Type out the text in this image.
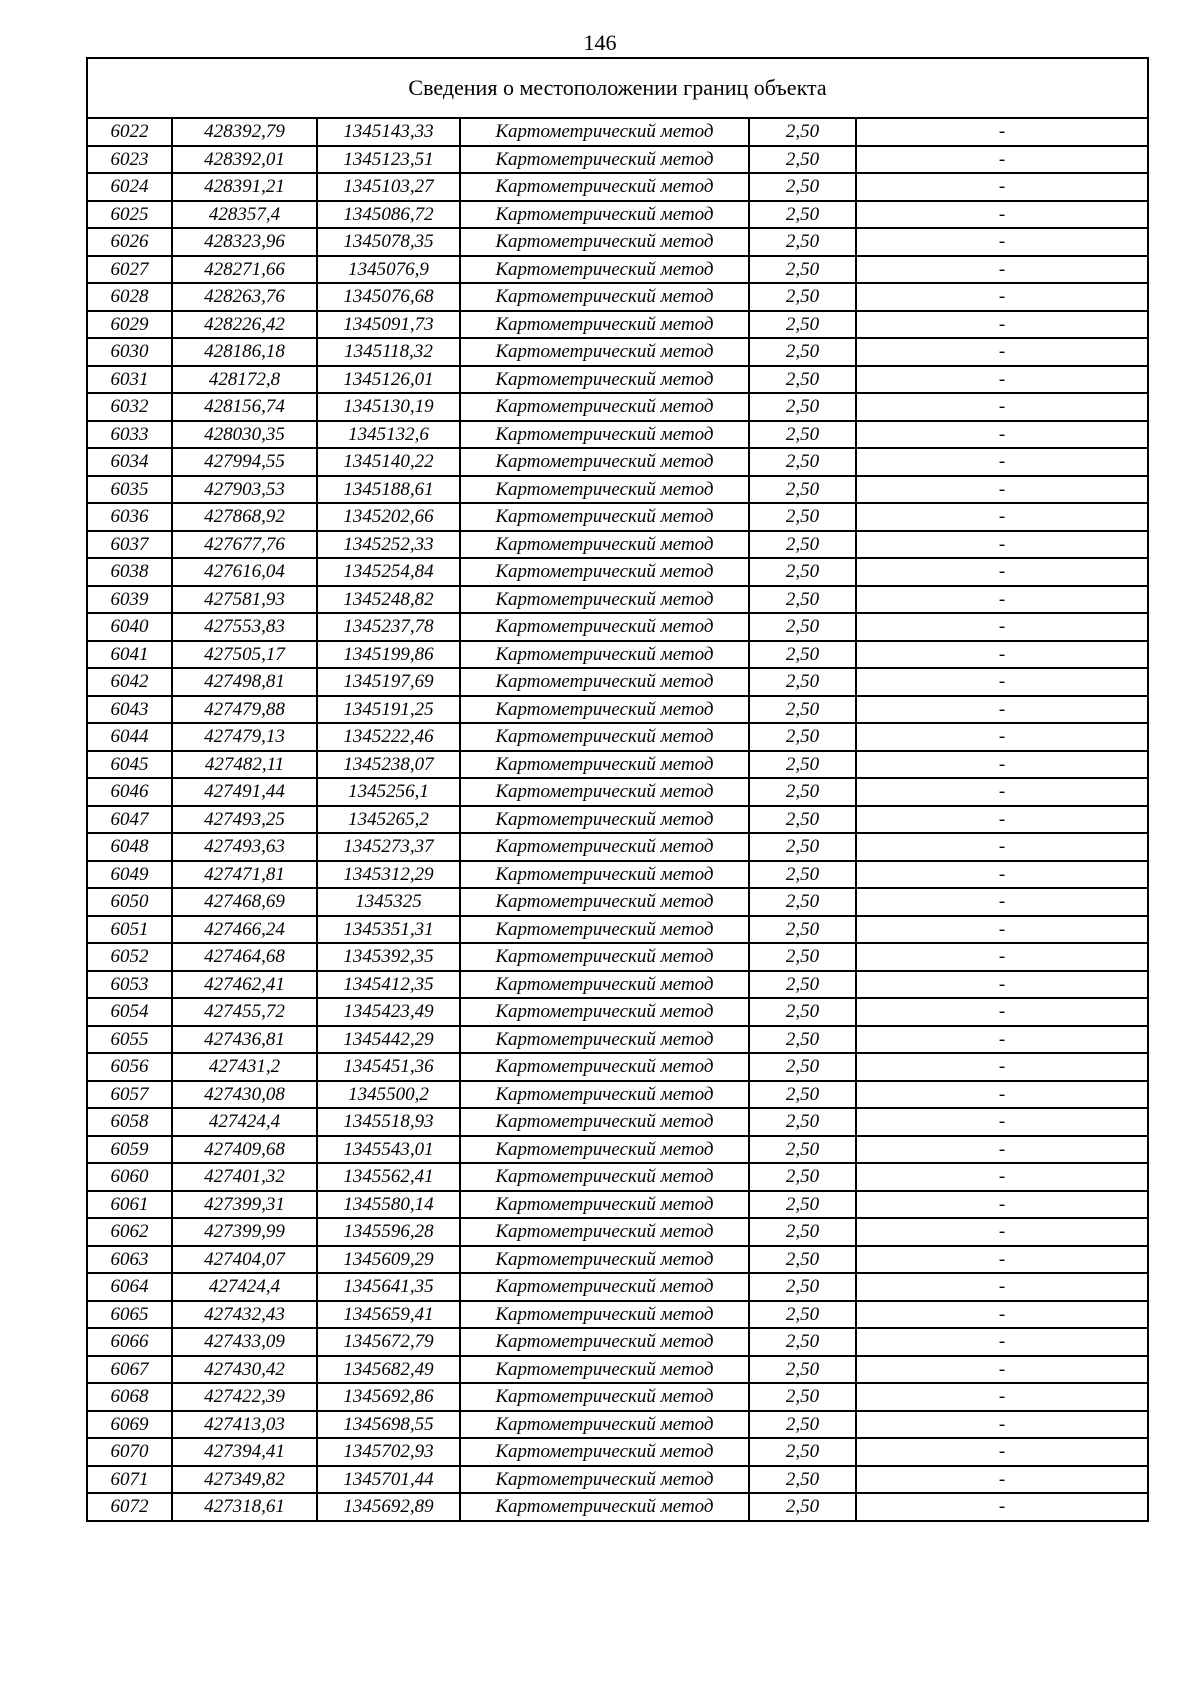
146
Сведения о местоположении границ объекта					
6022	428392,79	1345143,33	Картометрический метод	2,50	-
6023	428392,01	1345123,51	Картометрический метод	2,50	-
6024	428391,21	1345103,27	Картометрический метод	2,50	-
6025	428357,4	1345086,72	Картометрический метод	2,50	-
6026	428323,96	1345078,35	Картометрический метод	2,50	-
6027	428271,66	1345076,9	Картометрический метод	2,50	-
6028	428263,76	1345076,68	Картометрический метод	2,50	-
6029	428226,42	1345091,73	Картометрический метод	2,50	-
6030	428186,18	1345118,32	Картометрический метод	2,50	-
6031	428172,8	1345126,01	Картометрический метод	2,50	-
6032	428156,74	1345130,19	Картометрический метод	2,50	-
6033	428030,35	1345132,6	Картометрический метод	2,50	-
6034	427994,55	1345140,22	Картометрический метод	2,50	-
6035	427903,53	1345188,61	Картометрический метод	2,50	-
6036	427868,92	1345202,66	Картометрический метод	2,50	-
6037	427677,76	1345252,33	Картометрический метод	2,50	-
6038	427616,04	1345254,84	Картометрический метод	2,50	-
6039	427581,93	1345248,82	Картометрический метод	2,50	-
6040	427553,83	1345237,78	Картометрический метод	2,50	-
6041	427505,17	1345199,86	Картометрический метод	2,50	-
6042	427498,81	1345197,69	Картометрический метод	2,50	-
6043	427479,88	1345191,25	Картометрический метод	2,50	-
6044	427479,13	1345222,46	Картометрический метод	2,50	-
6045	427482,11	1345238,07	Картометрический метод	2,50	-
6046	427491,44	1345256,1	Картометрический метод	2,50	-
6047	427493,25	1345265,2	Картометрический метод	2,50	-
6048	427493,63	1345273,37	Картометрический метод	2,50	-
6049	427471,81	1345312,29	Картометрический метод	2,50	-
6050	427468,69	1345325	Картометрический метод	2,50	-
6051	427466,24	1345351,31	Картометрический метод	2,50	-
6052	427464,68	1345392,35	Картометрический метод	2,50	-
6053	427462,41	1345412,35	Картометрический метод	2,50	-
6054	427455,72	1345423,49	Картометрический метод	2,50	-
6055	427436,81	1345442,29	Картометрический метод	2,50	-
6056	427431,2	1345451,36	Картометрический метод	2,50	-
6057	427430,08	1345500,2	Картометрический метод	2,50	-
6058	427424,4	1345518,93	Картометрический метод	2,50	-
6059	427409,68	1345543,01	Картометрический метод	2,50	-
6060	427401,32	1345562,41	Картометрический метод	2,50	-
6061	427399,31	1345580,14	Картометрический метод	2,50	-
6062	427399,99	1345596,28	Картометрический метод	2,50	-
6063	427404,07	1345609,29	Картометрический метод	2,50	-
6064	427424,4	1345641,35	Картометрический метод	2,50	-
6065	427432,43	1345659,41	Картометрический метод	2,50	-
6066	427433,09	1345672,79	Картометрический метод	2,50	-
6067	427430,42	1345682,49	Картометрический метод	2,50	-
6068	427422,39	1345692,86	Картометрический метод	2,50	-
6069	427413,03	1345698,55	Картометрический метод	2,50	-
6070	427394,41	1345702,93	Картометрический метод	2,50	-
6071	427349,82	1345701,44	Картометрический метод	2,50	-
6072	427318,61	1345692,89	Картометрический метод	2,50	-
